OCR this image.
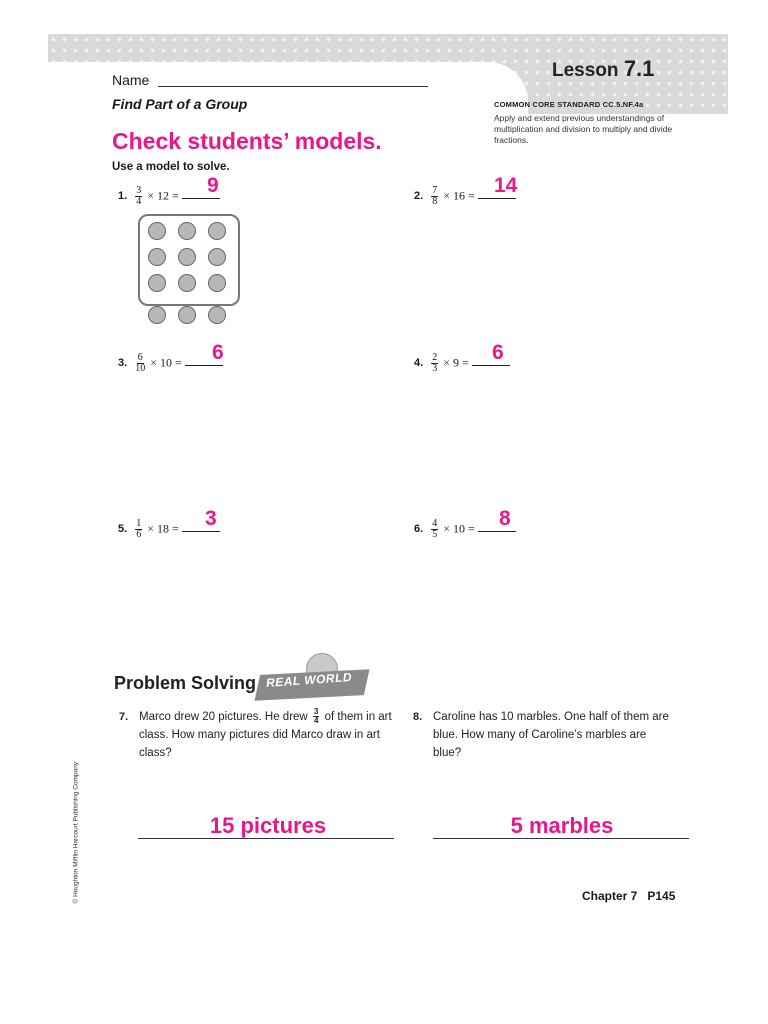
Lesson 7.1
Name
Find Part of a Group	COMMON CORE STANDARD CC.5.NF.4a
Apply and extend previous understandings of multiplication and division to multiply and divide fractions.
Check students’ models.
Use a model to solve.
1. $\frac{3}{4} \times 12$ =	9	2. $\frac{7}{8} \times 16 = 14$
3. $\frac{6}{10} \times 10$ =	6	4. $\frac{2}{3} \times 9$ =	6
5. $\frac{1}{6} \times 18$ =	3	6. $\frac{4}{5} \times 10$ =	8
Problem Solving REAL WORLD
7. Marco drew 20 pictures. He drew $\frac{3}{4}$ of them in art class. How many pictures did Marco draw in art class?
15 pictures
8. Caroline has 10 marbles. One half of them are blue. How many of Caroline’s marbles are blue?
5 marbles
© Houghton Mifflin Harcourt Publishing Company	Chapter 7 P145
